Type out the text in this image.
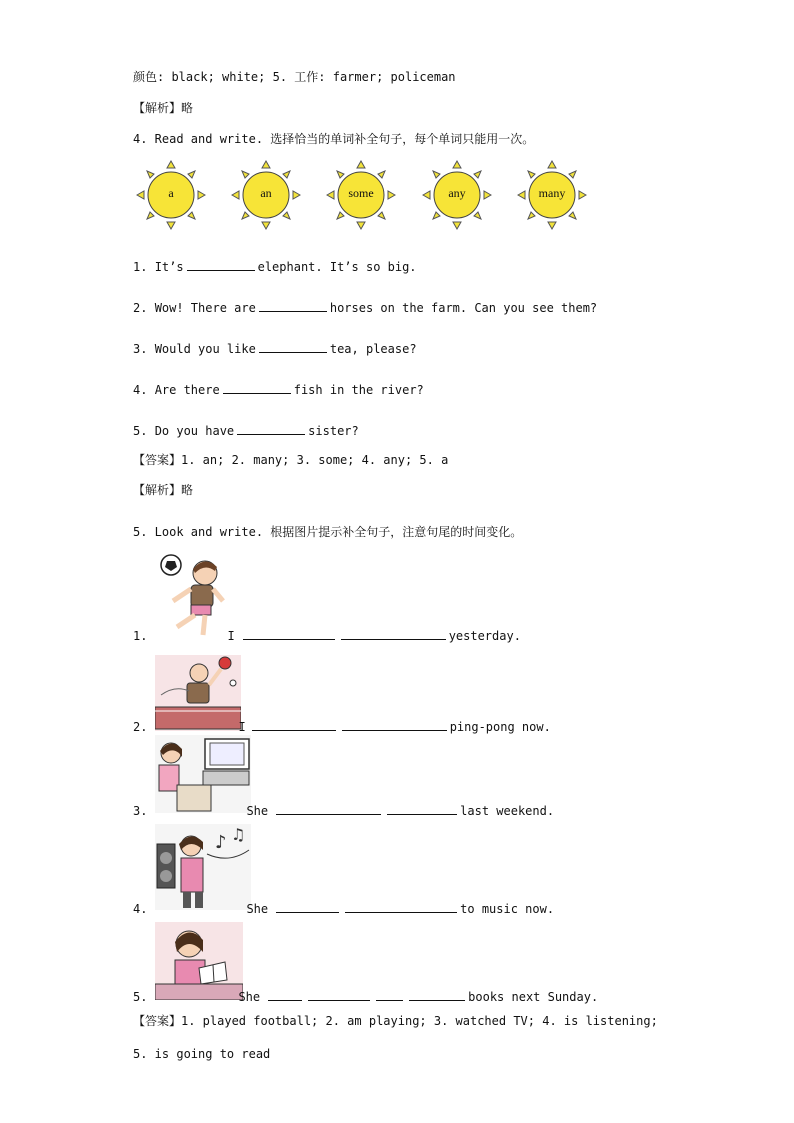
颜色: black; white; 5. 工作: farmer; policeman
【解析】略
4. Read and write. 选择恰当的单词补全句子，每个单词只能用一次。
a	an	some	any	many
1. It’s	elephant. It’s so big.
2. Wow! There are	horses on the farm. Can you see them?
3. Would you like	tea, please?
4. Are there	fish in the river?
5. Do you have	sister?
【答案】1. an; 2. many; 3. some; 4. any; 5. a
【解析】略
5. Look and write. 根据图片提示补全句子，注意句尾的时间变化。
♪ ♫
1.	I	yesterday.
2.	I	ping-pong now.
3.	She	last weekend.
4.	She	to music now.
5.	She	books next Sunday.
【答案】1. played football; 2. am playing; 3. watched TV; 4. is listening;
5. is going to read
